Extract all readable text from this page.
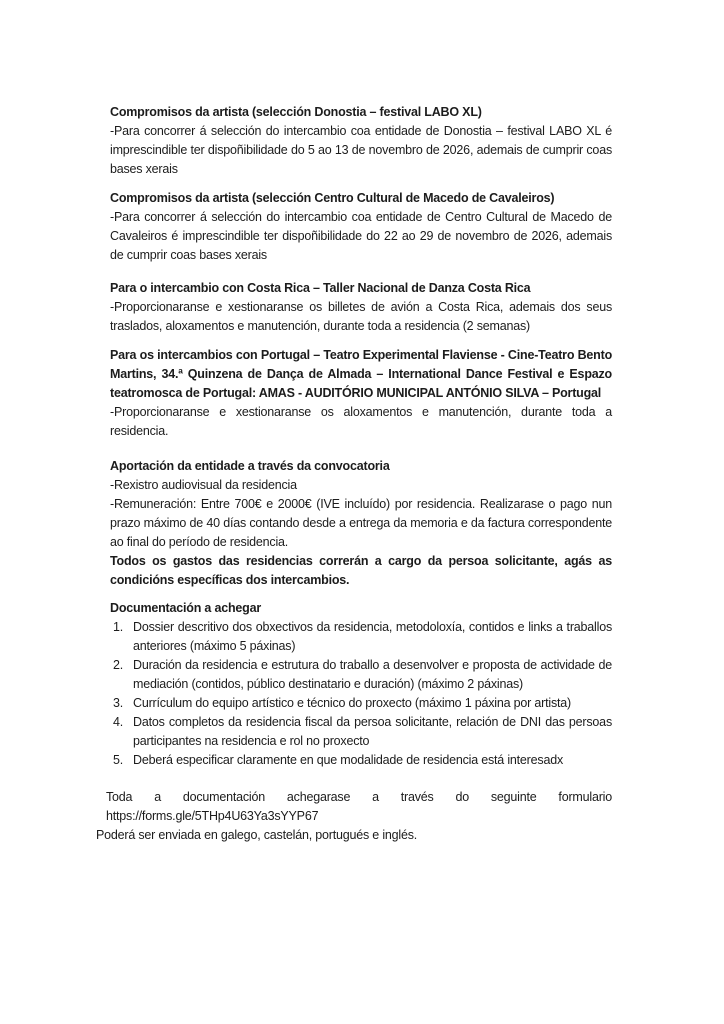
Compromisos da artista (selección Donostia – festival LABO XL)

-Para concorrer á selección do intercambio coa entidade de Donostia – festival LABO XL é imprescindible ter dispoñibilidade do 5 ao 13 de novembro de 2026, ademais de cumprir coas bases xerais

Compromisos da artista (selección Centro Cultural de Macedo de Cavaleiros)

-Para concorrer á selección do intercambio coa entidade de Centro Cultural de Macedo de Cavaleiros é imprescindible ter dispoñibilidade do 22 ao 29 de novembro de 2026, ademais de cumprir coas bases xerais

Para o intercambio con Costa Rica – Taller Nacional de Danza Costa Rica

-Proporcionaranse e xestionaranse os billetes de avión a Costa Rica, ademais dos seus traslados, aloxamentos e manutención, durante toda a residencia (2 semanas)

Para os intercambios con Portugal – Teatro Experimental Flaviense - Cine-Teatro Bento Martins, 34.ª Quinzena de Dança de Almada – International Dance Festival e Espazo teatromosca de Portugal: AMAS - AUDITÓRIO MUNICIPAL ANTÓNIO SILVA – Portugal

-Proporcionaranse e xestionaranse os aloxamentos e manutención, durante toda a residencia.

Aportación da entidade a través da convocatoria

-Rexistro audiovisual da residencia

-Remuneración: Entre 700€ e 2000€ (IVE incluído) por residencia. Realizarase o pago nun prazo máximo de 40 días contando desde a entrega da memoria e da factura correspondente ao final do período de residencia.

Todos os gastos das residencias correrán a cargo da persoa solicitante, agás as condicións específicas dos intercambios.

Documentación a achegar

Dossier descritivo dos obxectivos da residencia, metodoloxía, contidos e links a traballos anteriores (máximo 5 páxinas)
Duración da residencia e estrutura do traballo a desenvolver e proposta de actividade de mediación (contidos, público destinatario e duración) (máximo 2 páxinas)
Currículum do equipo artístico e técnico do proxecto (máximo 1 páxina por artista)
Datos completos da residencia fiscal da persoa solicitante, relación de DNI das persoas participantes na residencia e rol no proxecto
Deberá especificar claramente en que modalidade de residencia está interesadx

Toda a documentación achegarase a través do seguinte formulario https://forms.gle/5THp4U63Ya3sYYP67

Poderá ser enviada en galego, castelán, portugués e inglés.
